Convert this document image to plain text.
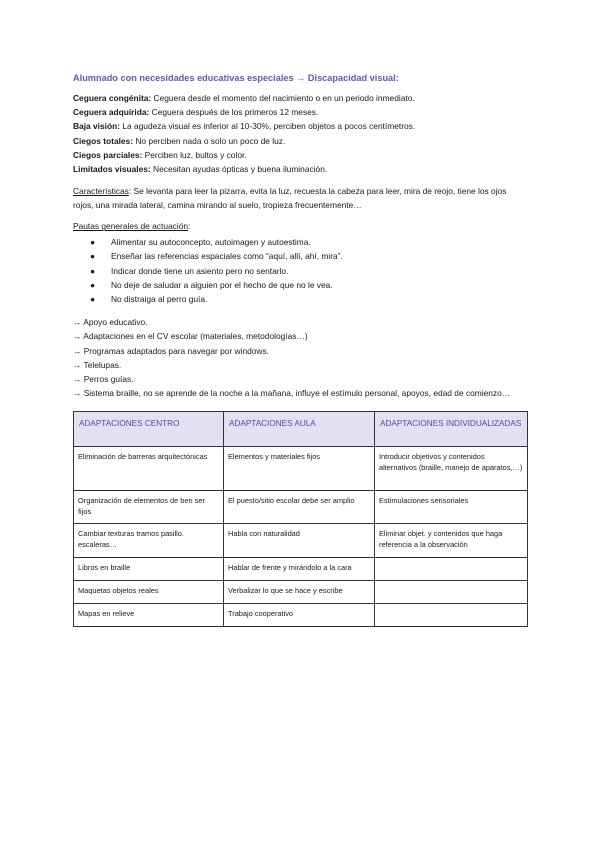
Alumnado con necesidades educativas especiales → Discapacidad visual:

Ceguera congénita: Ceguera desde el momento del nacimiento o en un periodo inmediato.

Ceguera adquirida: Ceguera después de los primeros 12 meses.

Baja visión: La agudeza visual es inferior al 10-30%, perciben objetos a pocos centímetros.

Ciegos totales: No perciben nada o solo un poco de luz.

Ciegos parciales: Perciben luz, bultos y color.

Limitados visuales: Necesitan ayudas ópticas y buena iluminación.

Características: Se levanta para leer la pizarra, evita la luz, recuesta la cabeza para leer, mira de reojo, tiene los ojos rojos, una mirada lateral, camina mirando al suelo, tropieza frecuentemente…

Pautas generales de actuación:

● Alimentar su autoconcepto, autoimagen y autoestima.
● Enseñar las referencias espaciales como “aquí, allí, ahí, mira”.
● Indicar donde tiene un asiento pero no sentarlo.
● No deje de saludar a alguien por el hecho de que no le vea.
● No distraiga al perro guía.

→ Apoyo educativo.

→ Adaptaciones en el CV escolar (materiales, metodologías…)

→ Programas adaptados para navegar por windows.

→ Telelupas.

→ Perros guías.

→ Sistema braille, no se aprende de la noche a la mañana, influye el estímulo personal, apoyos, edad de comienzo…

ADAPTACIONES CENTRO	ADAPTACIONES AULA	ADAPTACIONES INDIVIDUALIZADAS
Eliminación de barreras arquitectónicas	Elementos y materiales fijos	Introducir objetivos y contenidos alternativos (braille, manejo de aparatos,…)
Organización de elementos de ben ser fijos	El puesto/sitio escolar debe ser amplio	Estimulaciones sensoriales
Cambiar texturas tramos pasillo. escaleras…	Habla con naturalidad	Eliminar objet. y contenidos que haga referencia a la observación
Libros en braille	Hablar de frente y mirándolo a la cara	
Maquetas objetos reales	Verbalizar lo que se hace y escribe	
Mapas en relieve	Trabajo cooperativo	
